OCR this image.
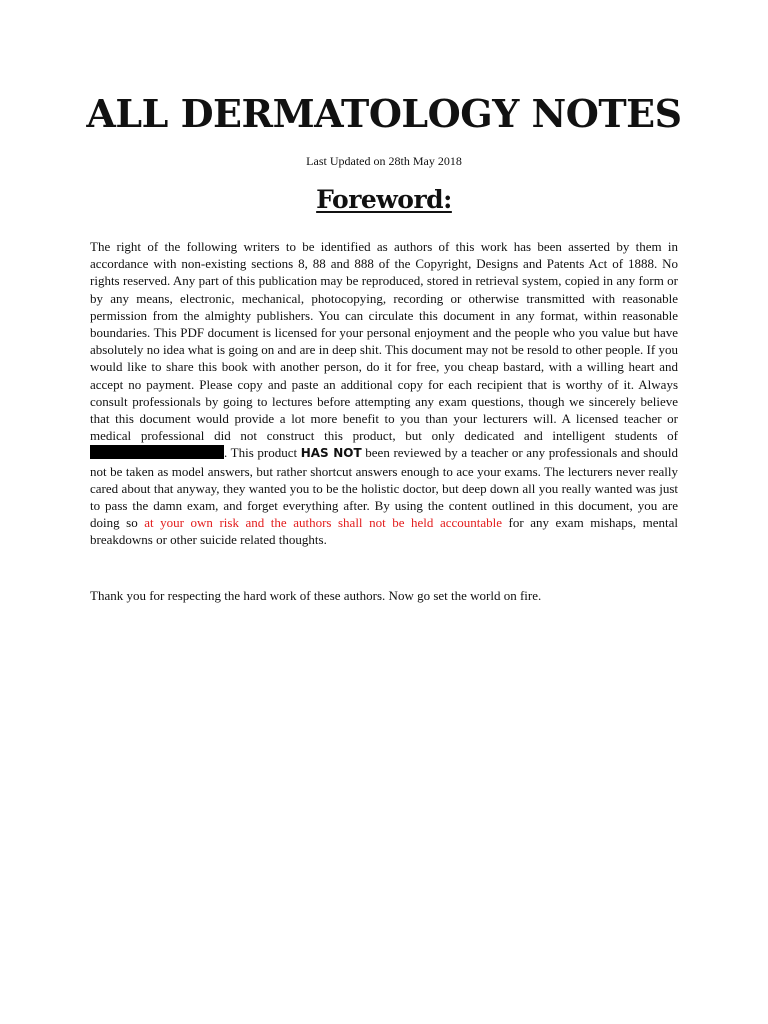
ALL DERMATOLOGY NOTES

Last Updated on 28th May 2018

Foreword:

The right of the following writers to be identified as authors of this work has been asserted by them in accordance with non-existing sections 8, 88 and 888 of the Copyright, Designs and Patents Act of 1888. No rights reserved. Any part of this publication may be reproduced, stored in retrieval system, copied in any form or by any means, electronic, mechanical, photocopying, recording or otherwise transmitted with reasonable permission from the almighty publishers. You can circulate this document in any format, within reasonable boundaries. This PDF document is licensed for your personal enjoyment and the people who you value but have absolutely no idea what is going on and are in deep shit. This document may not be resold to other people. If you would like to share this book with another person, do it for free, you cheap bastard, with a willing heart and accept no payment. Please copy and paste an additional copy for each recipient that is worthy of it. Always consult professionals by going to lectures before attempting any exam questions, though we sincerely believe that this document would provide a lot more benefit to you than your lecturers will. A licensed teacher or medical professional did not construct this product, but only dedicated and intelligent students of . This product HAS NOT been reviewed by a teacher or any professionals and should not be taken as model answers, but rather shortcut answers enough to ace your exams. The lecturers never really cared about that anyway, they wanted you to be the holistic doctor, but deep down all you really wanted was just to pass the damn exam, and forget everything after. By using the content outlined in this document, you are doing so at your own risk and the authors shall not be held accountable for any exam mishaps, mental breakdowns or other suicide related thoughts.

Thank you for respecting the hard work of these authors. Now go set the world on fire.
